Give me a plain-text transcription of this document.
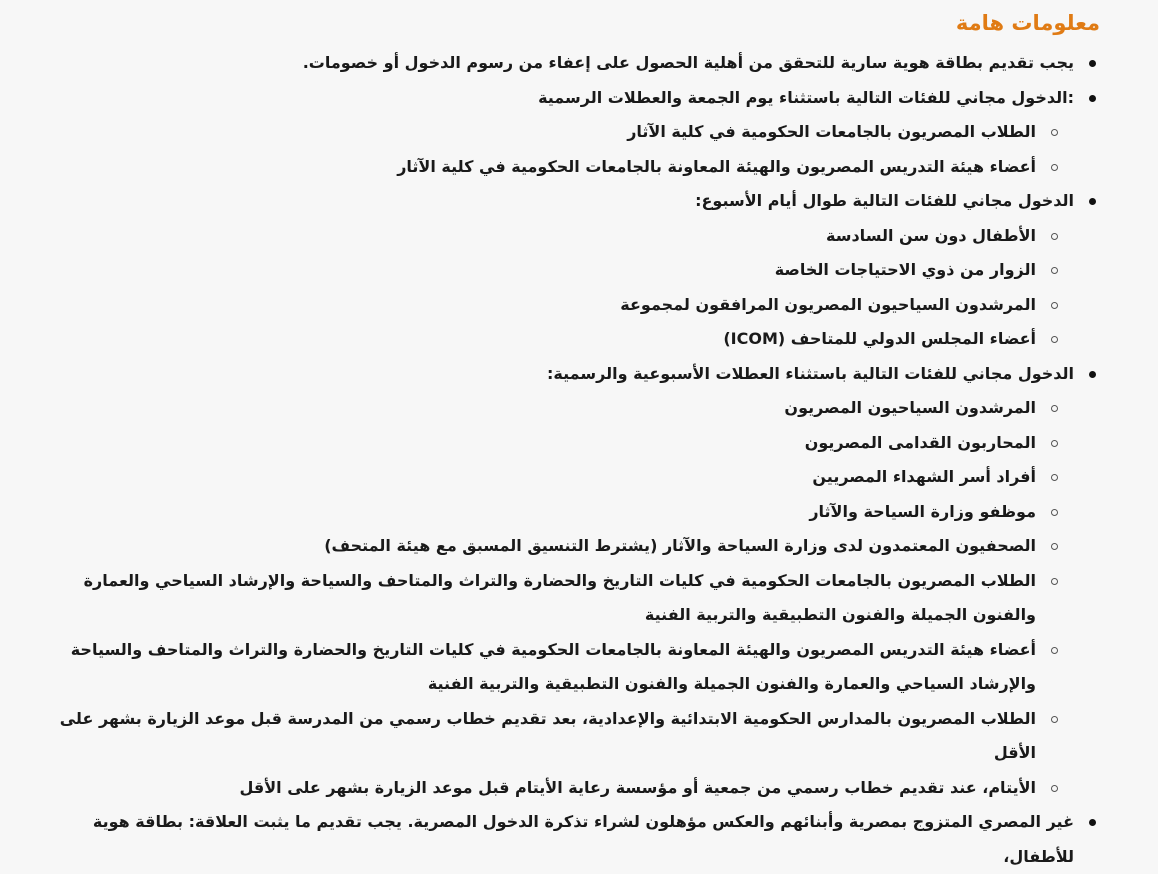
معلومات هامة
يجب تقديم بطاقة هوية سارية للتحقق من أهلية الحصول على إعفاء من رسوم الدخول أو خصومات.
:الدخول مجاني للفئات التالية باستثناء يوم الجمعة والعطلات الرسمية
الطلاب المصريون بالجامعات الحكومية في كلية الآثار
أعضاء هيئة التدريس المصريون والهيئة المعاونة بالجامعات الحكومية في كلية الآثار
الدخول مجاني للفئات التالية طوال أيام الأسبوع:
الأطفال دون سن السادسة
الزوار من ذوي الاحتياجات الخاصة
المرشدون السياحيون المصريون المرافقون لمجموعة
أعضاء المجلس الدولي للمتاحف (ICOM)
الدخول مجاني للفئات التالية باستثناء العطلات الأسبوعية والرسمية:
المرشدون السياحيون المصريون
المحاربون القدامى المصريون
أفراد أسر الشهداء المصريين
موظفو وزارة السياحة والآثار
الصحفيون المعتمدون لدى وزارة السياحة والآثار (يشترط التنسيق المسبق مع هيئة المتحف)
الطلاب المصريون بالجامعات الحكومية في كليات التاريخ والحضارة والتراث والمتاحف والسياحة والإرشاد السياحي والعمارة والفنون الجميلة والفنون التطبيقية والتربية الفنية
أعضاء هيئة التدريس المصريون والهيئة المعاونة بالجامعات الحكومية في كليات التاريخ والحضارة والتراث والمتاحف والسياحة والإرشاد السياحي والعمارة والفنون الجميلة والفنون التطبيقية والتربية الفنية
الطلاب المصريون بالمدارس الحكومية الابتدائية والإعدادية، بعد تقديم خطاب رسمي من المدرسة قبل موعد الزيارة بشهر على الأقل
الأيتام، عند تقديم خطاب رسمي من جمعية أو مؤسسة رعاية الأيتام قبل موعد الزيارة بشهر على الأقل
غير المصري المتزوج بمصرية وأبنائهم والعكس مؤهلون لشراء تذكرة الدخول المصرية. يجب تقديم ما يثبت العلاقة: بطاقة هوية للأطفال،
